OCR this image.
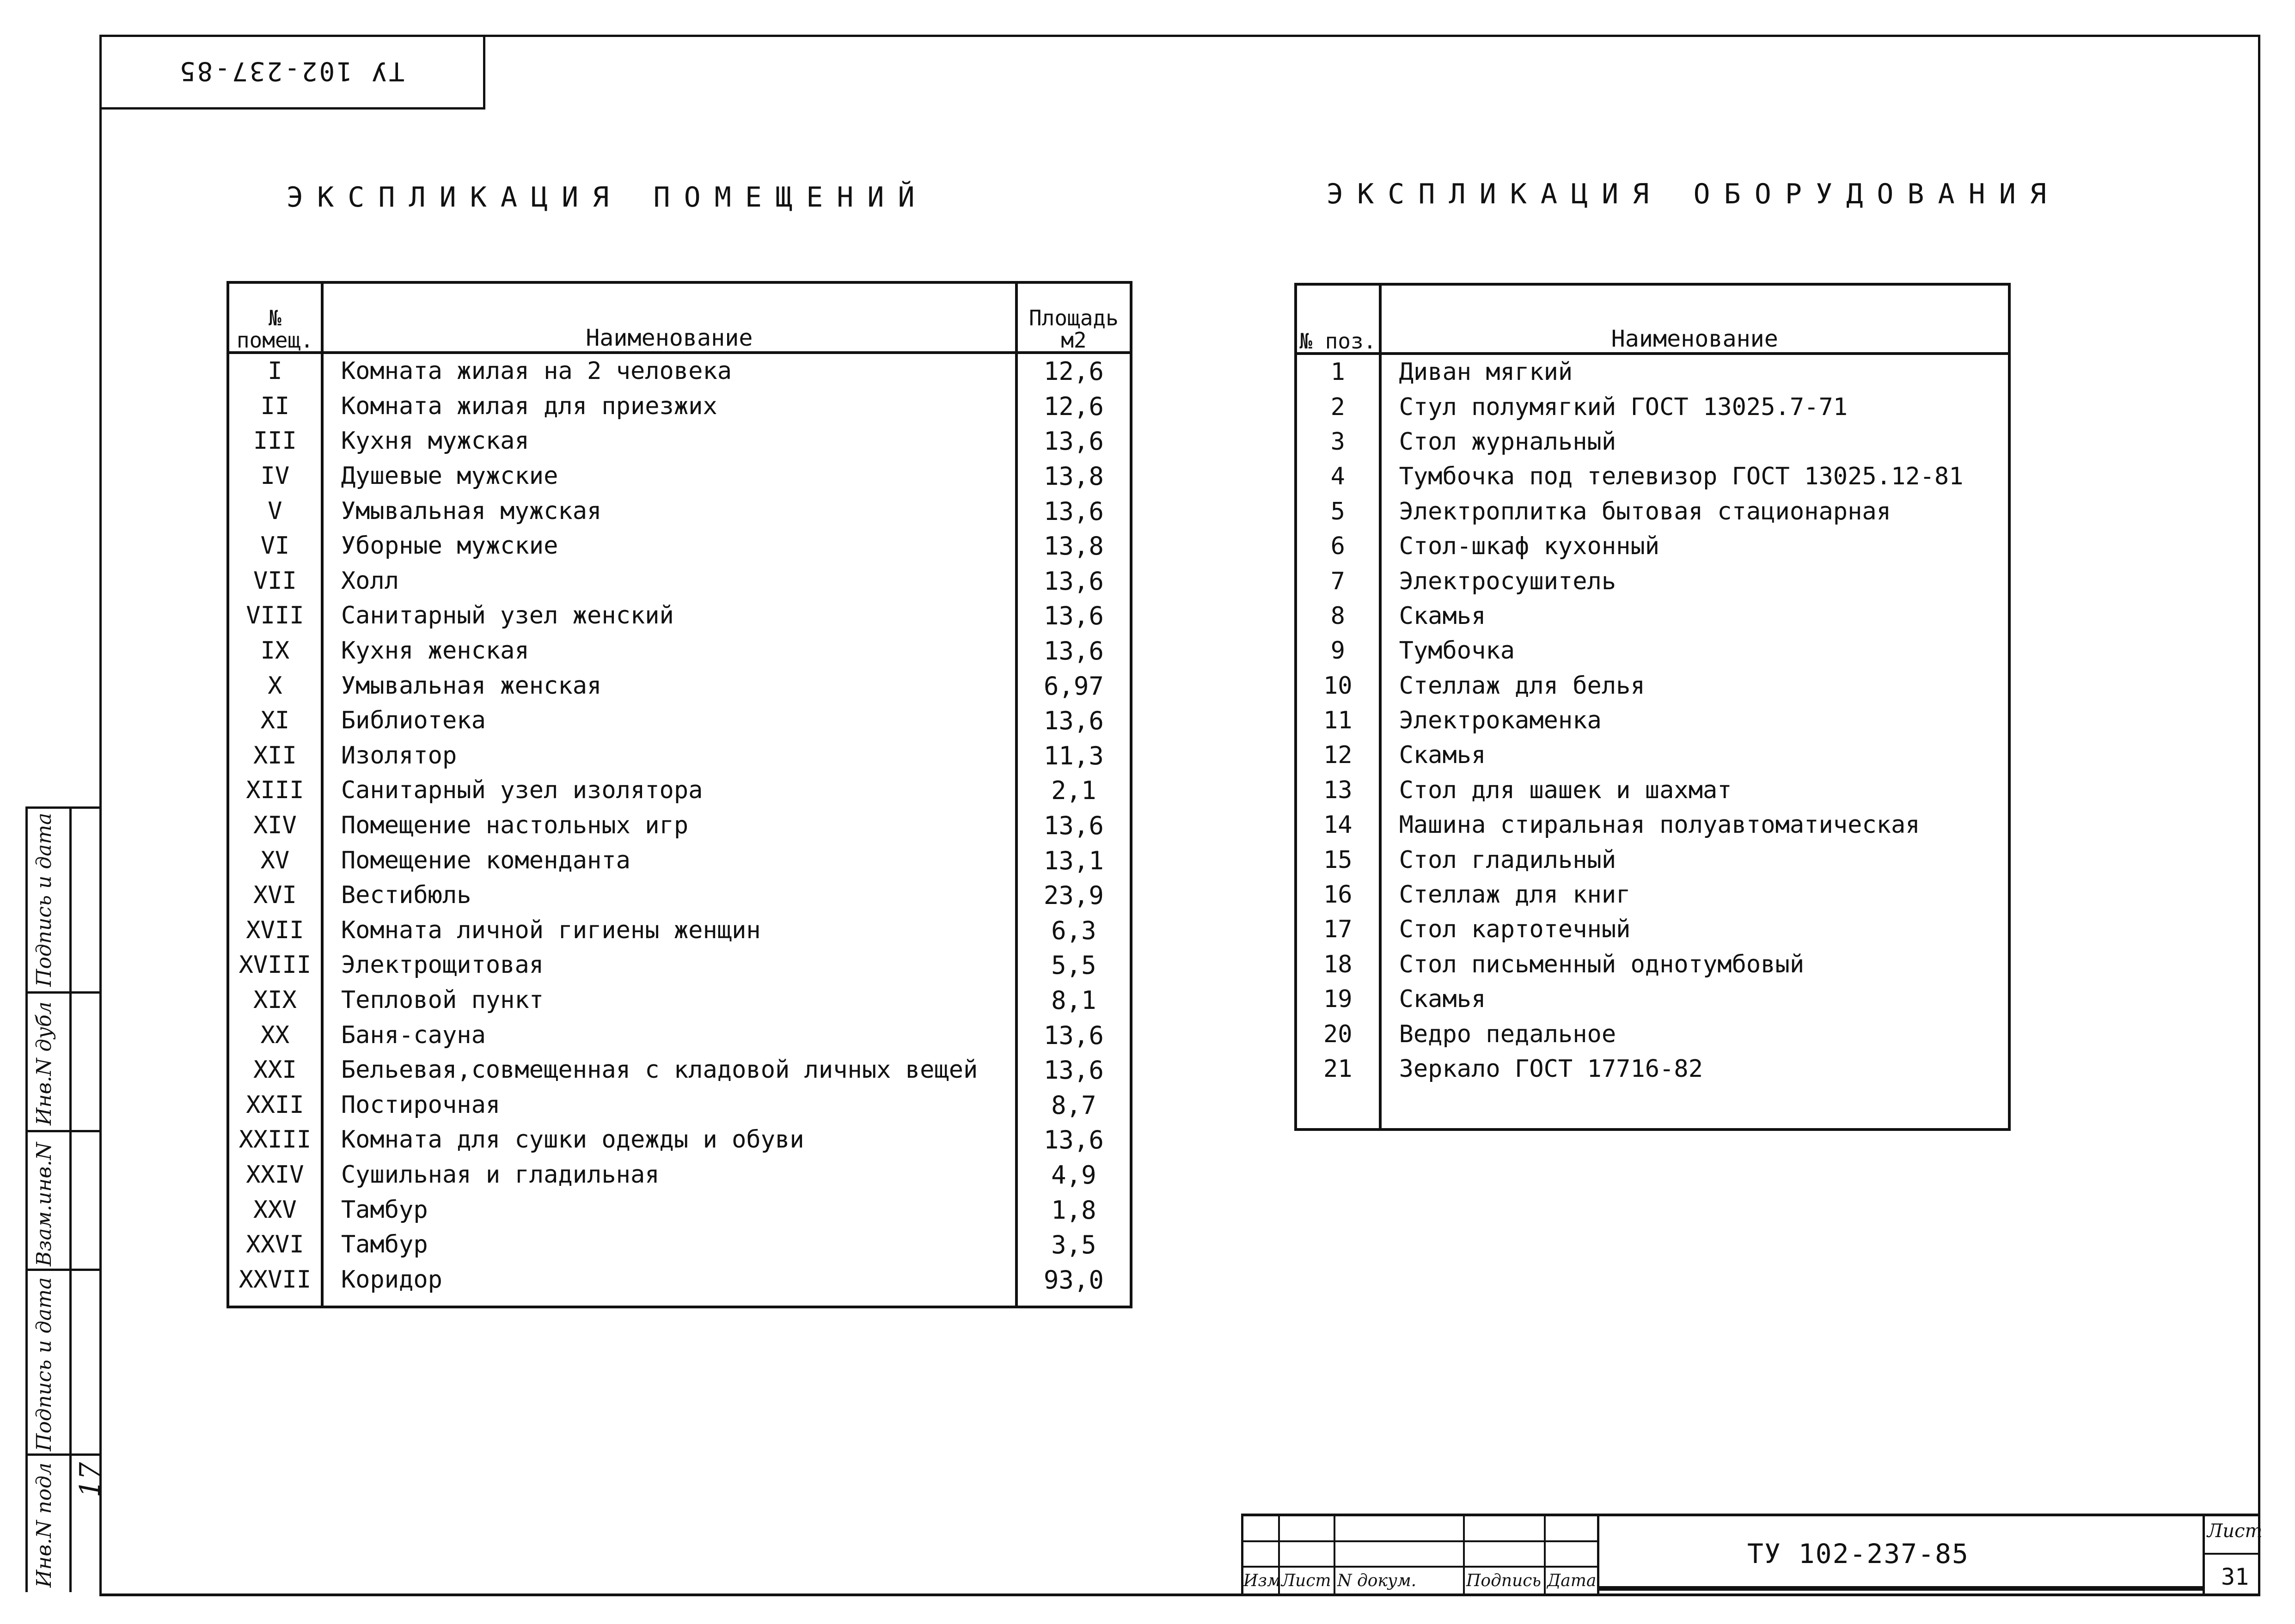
ТУ 102-237-85
ЭКСПЛИКАЦИЯ ПОМЕЩЕНИЙ	ЭКСПЛИКАЦИЯ ОБОРУДОВАНИЯ
№ помещ.	Наименование	Площадь м2
I	Комната жилая на 2 человека	12,6
II	Комната жилая для приезжих	12,6
III	Кухня мужская	13,6
IV	Душевые мужские	13,8
V	Умывальная мужская	13,6
VI	Уборные мужские	13,8
VII	Холл	13,6
VIII	Санитарный узел женский	13,6
IX	Кухня женская	13,6
X	Умывальная женская	6,97
XI	Библиотека	13,6
XII	Изолятор	11,3
XIII	Санитарный узел изолятора	2,1
XIV	Помещение настольных игр	13,6
XV	Помещение коменданта	13,1
XVI	Вестибюль	23,9
XVII	Комната личной гигиены женщин	6,3
XVIII	Электрощитовая	5,5
XIX	Тепловой пункт	8,1
XX	Баня-сауна	13,6
XXI	Бельевая,совмещенная с кладовой личных вещей	13,6
XXII	Постирочная	8,7
XXIII	Комната для сушки одежды и обуви	13,6
XXIV	Сушильная и гладильная	4,9
XXV	Тамбур	1,8
XXVI	Тамбур	3,5
XXVII	Коридор	93,0
№ поз.	Наименование
1	Диван мягкий
2	Стул полумягкий ГОСТ 13025.7-71
3	Стол журнальный
4	Тумбочка под телевизор ГОСТ 13025.12-81
5	Электроплитка бытовая стационарная
6	Стол-шкаф кухонный
7	Электросушитель
8	Скамья
9	Тумбочка
10	Стеллаж для белья
11	Электрокаменка
12	Скамья
13	Стол для шашек и шахмат
14	Машина стиральная полуавтоматическая
15	Стол гладильный
16	Стеллаж для книг
17	Стол картотечный
18	Стол письменный однотумбовый
19	Скамья
20	Ведро педальное
21	Зеркало ГОСТ 17716-82

Подпись и дата
Инв.N дубл
Взам.инв.N
Подпись и дата
Инв.N подл 17
Изм Лист N докум.	Подпись Дата
ТУ 102-237-85
Лист
31
